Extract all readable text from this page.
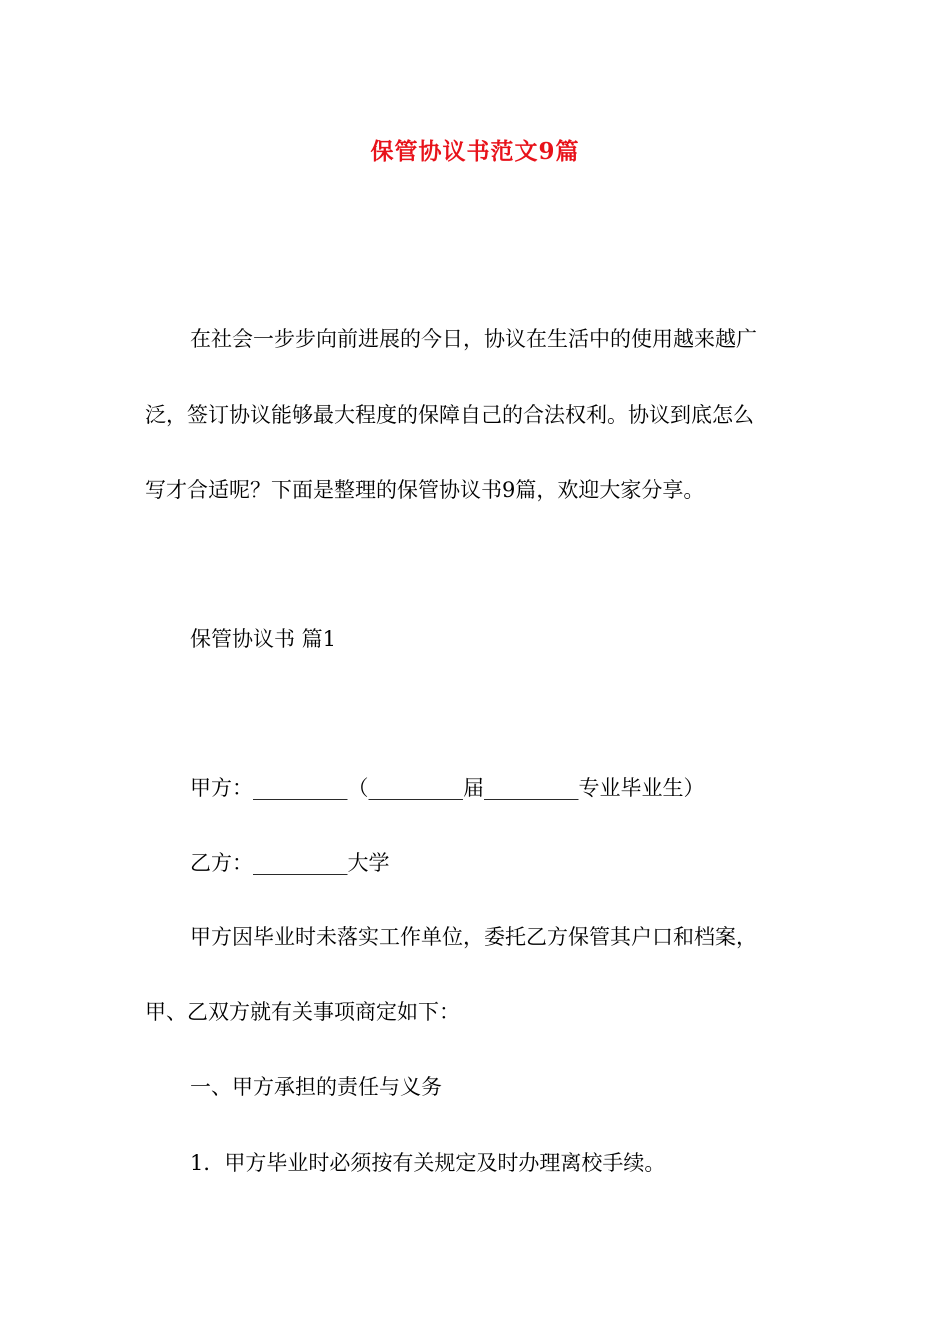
保管协议书范文9篇
在社会一步步向前进展的今日，协议在生活中的使用越来越广
泛，签订协议能够最大程度的保障自己的合法权利。协议到底怎么
写才合适呢？下面是整理的保管协议书9篇，欢迎大家分享。
保管协议书 篇1
甲方：_________（_________届_________专业毕业生）
乙方：_________大学
甲方因毕业时未落实工作单位，委托乙方保管其户口和档案，
甲、乙双方就有关事项商定如下：
一、甲方承担的责任与义务
1．甲方毕业时必须按有关规定及时办理离校手续。
